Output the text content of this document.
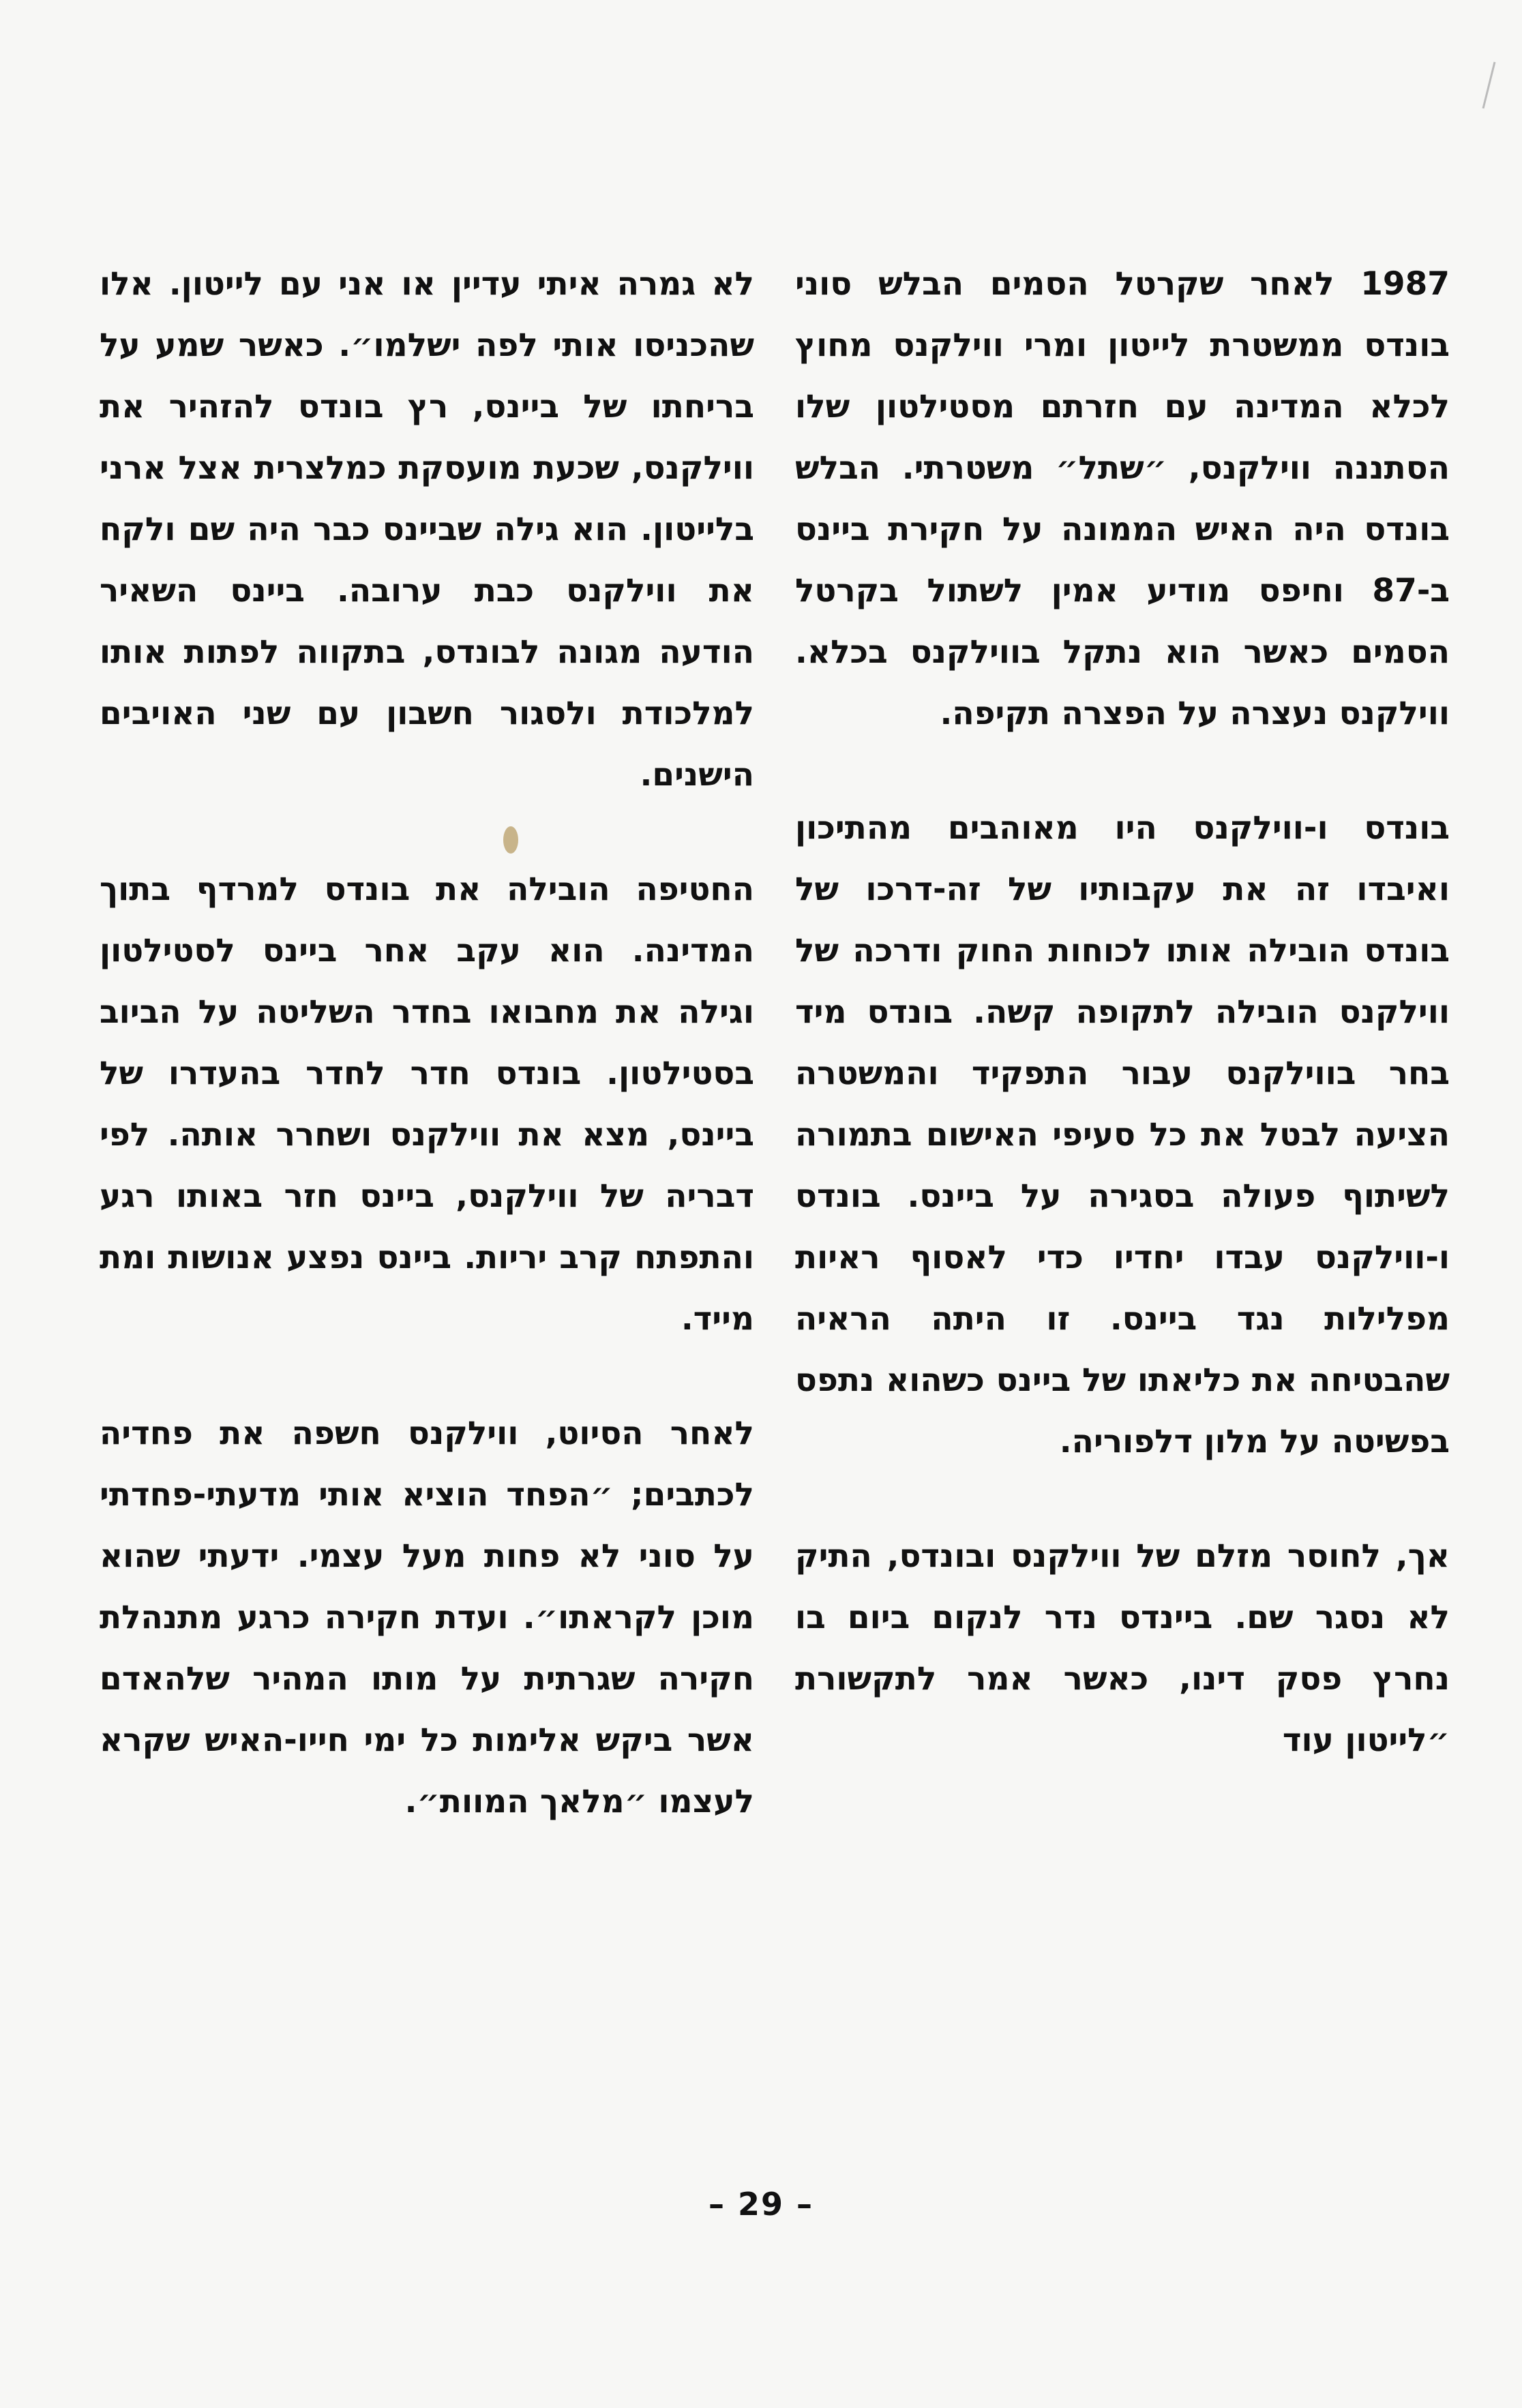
1987 לאחר שקרטל הסמים הבלש סוני בונדס ממשטרת לייטון ומרי ווילקנס מחוץ לכלא המדינה עם חזרתם מסטילטון שלו הסתננה ווילקנס, ״שתל״ משטרתי. הבלש בונדס היה האיש הממונה על חקירת ביינס ב-87 וחיפס מודיע אמין לשתול בקרטל הסמים כאשר הוא נתקל בווילקנס בכלא. ווילקנס נעצרה על הפצרה תקיפה.

בונדס ו-ווילקנס היו מאוהבים מהתיכון ואיבדו זה את עקבותיו של זה-דרכו של בונדס הובילה אותו לכוחות החוק ודרכה של ווילקנס הובילה לתקופה קשה. בונדס מיד בחר בווילקנס עבור התפקיד והמשטרה הציעה לבטל את כל סעיפי האישום בתמורה לשיתוף פעולה בסגירה על ביינס. בונדס ו-ווילקנס עבדו יחדיו כדי לאסוף ראיות מפלילות נגד ביינס. זו היתה הראיה שהבטיחה את כליאתו של ביינס כשהוא נתפס בפשיטה על מלון דלפוריה.

אך, לחוסר מזלם של ווילקנס ובונדס, התיק לא נסגר שם. ביינדס נדר לנקום ביום בו נחרץ פסק דינו, כאשר אמר לתקשורת ״לייטון עוד

לא גמרה איתי עדיין או אני עם לייטון. אלו שהכניסו אותי לפה ישלמו״. כאשר שמע על בריחתו של ביינס, רץ בונדס להזהיר את ווילקנס, שכעת מועסקת כמלצרית אצל ארני בלייטון. הוא גילה שביינס כבר היה שם ולקח את ווילקנס כבת ערובה. ביינס השאיר הודעה מגונה לבונדס, בתקווה לפתות אותו למלכודת ולסגור חשבון עם שני האויבים הישנים.

החטיפה הובילה את בונדס למרדף בתוך המדינה. הוא עקב אחר ביינס לסטילטון וגילה את מחבואו בחדר השליטה על הביוב בסטילטון. בונדס חדר לחדר בהעדרו של ביינס, מצא את ווילקנס ושחרר אותה. לפי דבריה של ווילקנס, ביינס חזר באותו רגע והתפתח קרב יריות. ביינס נפצע אנושות ומת מייד.

לאחר הסיוט, ווילקנס חשפה את פחדיה לכתבים; ״הפחד הוציא אותי מדעתי-פחדתי על סוני לא פחות מעל עצמי. ידעתי שהוא מוכן לקראתו״. ועדת חקירה כרגע מתנהלת חקירה שגרתית על מותו המהיר שלהאדם אשר ביקש אלימות כל ימי חייו-האיש שקרא לעצמו ״מלאך המוות״.

– 29 –
